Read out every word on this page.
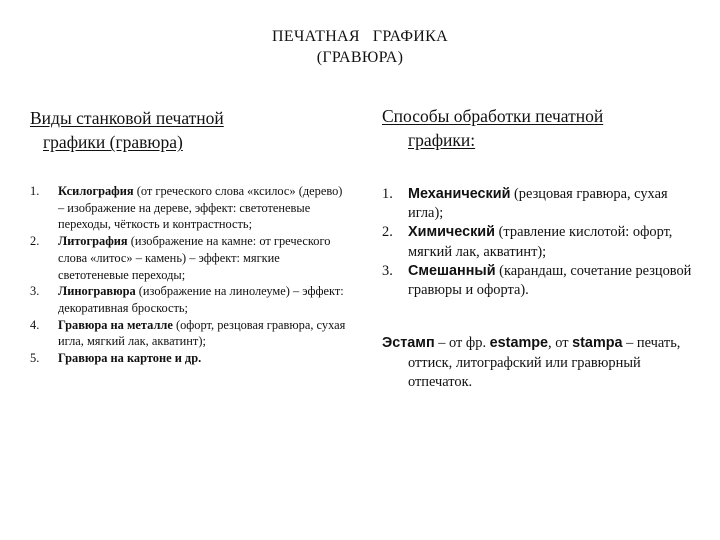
ПЕЧАТНАЯ   ГРАФИКА
(ГРАВЮРА)
Виды станковой печатной
графики (гравюра)
1. Ксилография (от греческого слова «ксилос» (дерево) – изображение на дереве, эффект: светотеневые переходы, чёткость и контрастность;
2. Литография (изображение на камне: от греческого слова «литос» – камень) – эффект: мягкие светотеневые переходы;
3. Линогравюра (изображение на линолеуме) – эффект: декоративная броскость;
4. Гравюра на металле (офорт, резцовая гравюра, сухая игла, мягкий лак, акватинт);
5. Гравюра на картоне и др.
Способы обработки печатной
графики:
1. Механический (резцовая гравюра, сухая игла);
2. Химический (травление кислотой: офорт, мягкий лак, акватинт);
3. Смешанный (карандаш, сочетание резцовой гравюры и офорта).
Эстамп – от фр. estampe, от stampa – печать, оттиск, литографский или гравюрный отпечаток.
